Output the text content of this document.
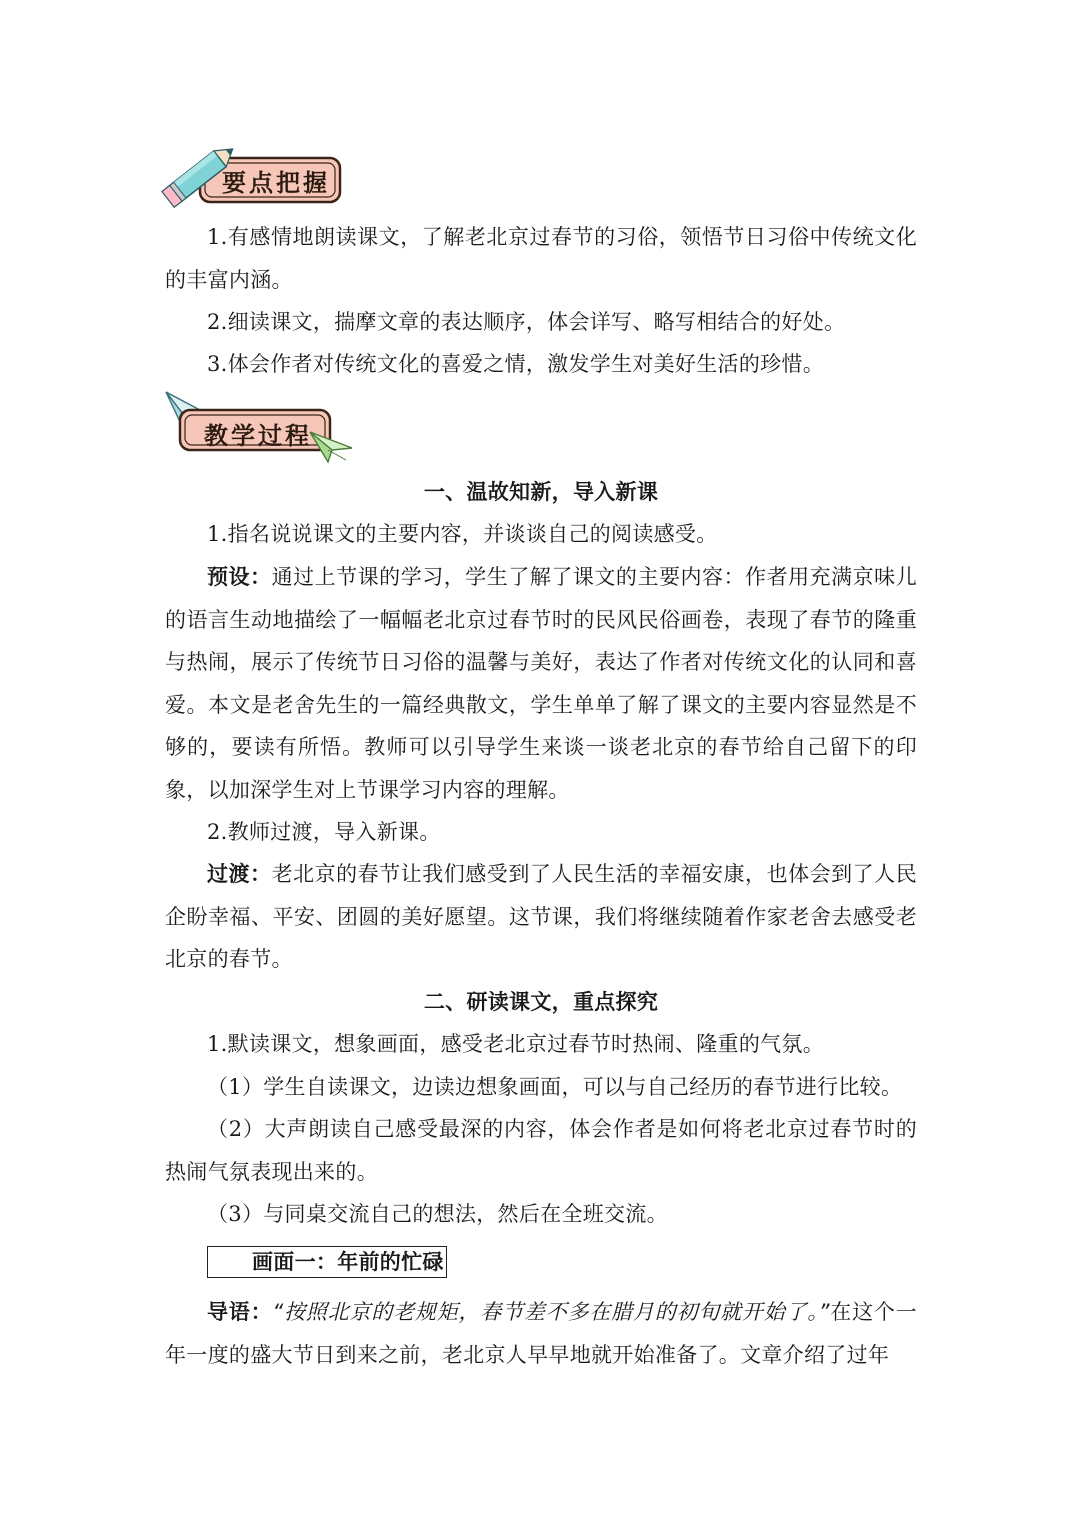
要点把握

1.有感情地朗读课文，了解老北京过春节的习俗，领悟节日习俗中传统文化的丰富内涵。

2.细读课文，揣摩文章的表达顺序，体会详写、略写相结合的好处。

3.体会作者对传统文化的喜爱之情，激发学生对美好生活的珍惜。

教学过程

一、温故知新，导入新课

1.指名说说课文的主要内容，并谈谈自己的阅读感受。

预设：通过上节课的学习，学生了解了课文的主要内容：作者用充满京味儿的语言生动地描绘了一幅幅老北京过春节时的民风民俗画卷，表现了春节的隆重与热闹，展示了传统节日习俗的温馨与美好，表达了作者对传统文化的认同和喜爱。本文是老舍先生的一篇经典散文，学生单单了解了课文的主要内容显然是不够的，要读有所悟。教师可以引导学生来谈一谈老北京的春节给自己留下的印象，以加深学生对上节课学习内容的理解。

2.教师过渡，导入新课。

过渡：老北京的春节让我们感受到了人民生活的幸福安康，也体会到了人民企盼幸福、平安、团圆的美好愿望。这节课，我们将继续随着作家老舍去感受老北京的春节。

二、研读课文，重点探究

1.默读课文，想象画面，感受老北京过春节时热闹、隆重的气氛。

（1）学生自读课文，边读边想象画面，可以与自己经历的春节进行比较。

（2）大声朗读自己感受最深的内容，体会作者是如何将老北京过春节时的热闹气氛表现出来的。

（3）与同桌交流自己的想法，然后在全班交流。

画面一：年前的忙碌

导语：“按照北京的老规矩，春节差不多在腊月的初旬就开始了。”在这个一年一度的盛大节日到来之前，老北京人早早地就开始准备了。文章介绍了过年
